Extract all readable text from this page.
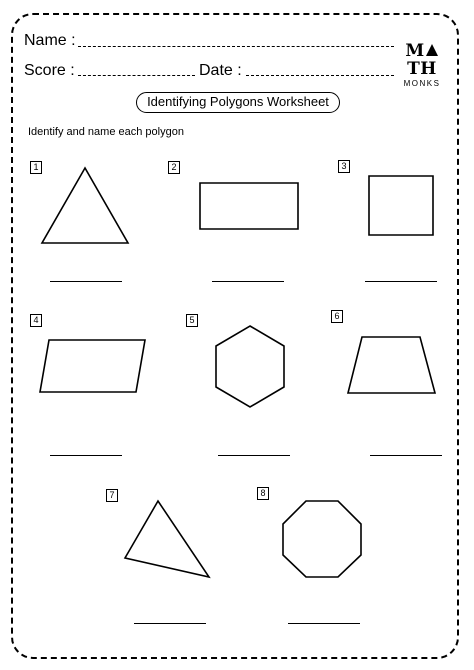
Name :
Score :	Date :
MTH
MONKS
Identifying Polygons Worksheet
Identify and name each polygon
1	2	3
4	5	6
7	8
